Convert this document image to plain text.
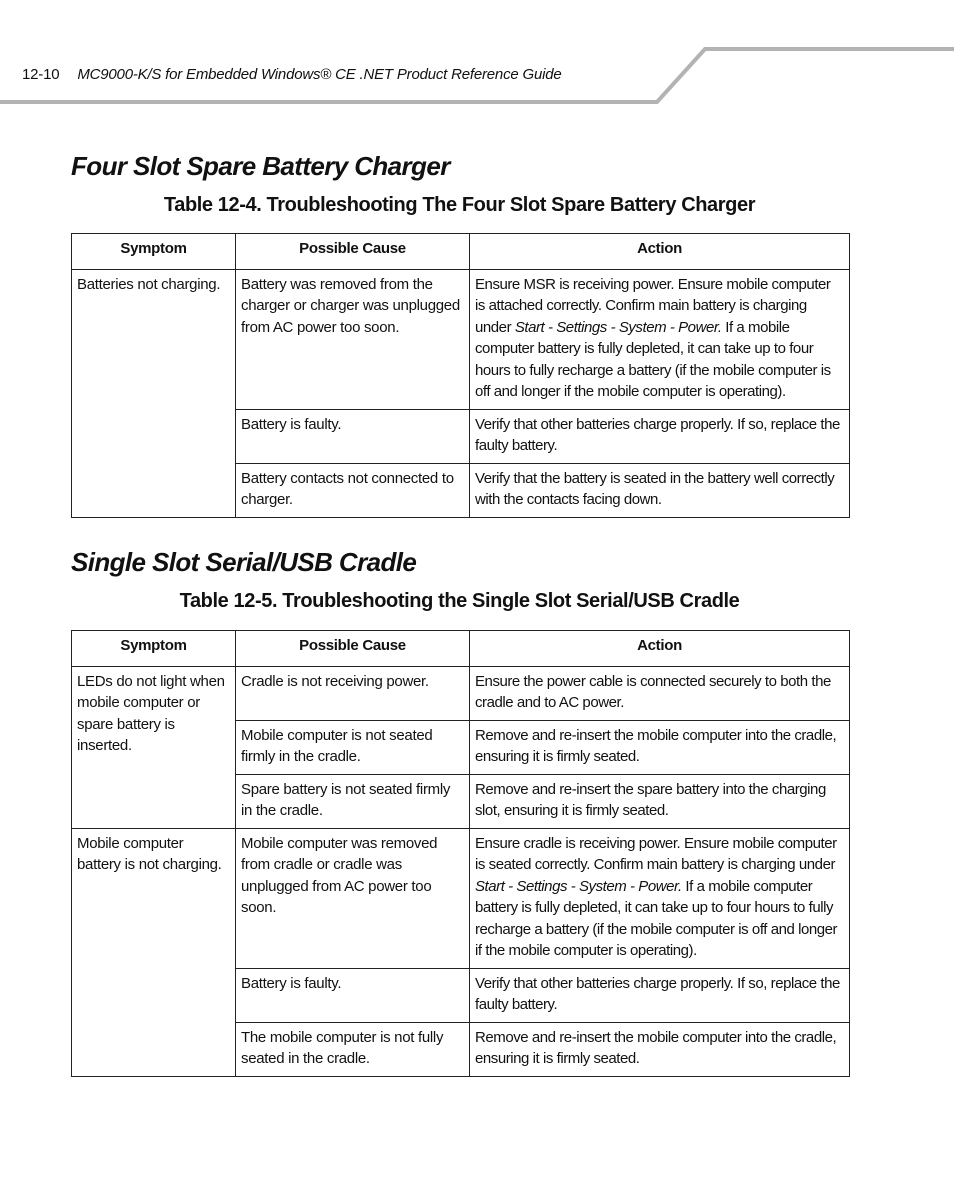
12-10 MC9000-K/S for Embedded Windows® CE .NET Product Reference Guide
Four Slot Spare Battery Charger
Table 12-4. Troubleshooting The Four Slot Spare Battery Charger
Symptom	Possible Cause	Action
Batteries not charging.	Battery was removed from the charger or charger was unplugged from AC power too soon.	Ensure MSR is receiving power. Ensure mobile computer is attached correctly. Confirm main battery is charging under Start - Settings - System - Power. If a mobile computer battery is fully depleted, it can take up to four hours to fully recharge a battery (if the mobile computer is off and longer if the mobile computer is operating).
	Battery is faulty.	Verify that other batteries charge properly. If so, replace the faulty battery.
	Battery contacts not connected to charger.	Verify that the battery is seated in the battery well correctly with the contacts facing down.
Single Slot Serial/USB Cradle
Table 12-5. Troubleshooting the Single Slot Serial/USB Cradle
Symptom	Possible Cause	Action
LEDs do not light when mobile computer or spare battery is inserted.	Cradle is not receiving power.	Ensure the power cable is connected securely to both the cradle and to AC power.
	Mobile computer is not seated firmly in the cradle.	Remove and re-insert the mobile computer into the cradle, ensuring it is firmly seated.
	Spare battery is not seated firmly in the cradle.	Remove and re-insert the spare battery into the charging slot, ensuring it is firmly seated.
Mobile computer battery is not charging.	Mobile computer was removed from cradle or cradle was unplugged from AC power too soon.	Ensure cradle is receiving power. Ensure mobile computer is seated correctly. Confirm main battery is charging under Start - Settings - System - Power. If a mobile computer battery is fully depleted, it can take up to four hours to fully recharge a battery (if the mobile computer is off and longer if the mobile computer is operating).
	Battery is faulty.	Verify that other batteries charge properly. If so, replace the faulty battery.
	The mobile computer is not fully seated in the cradle.	Remove and re-insert the mobile computer into the cradle, ensuring it is firmly seated.
